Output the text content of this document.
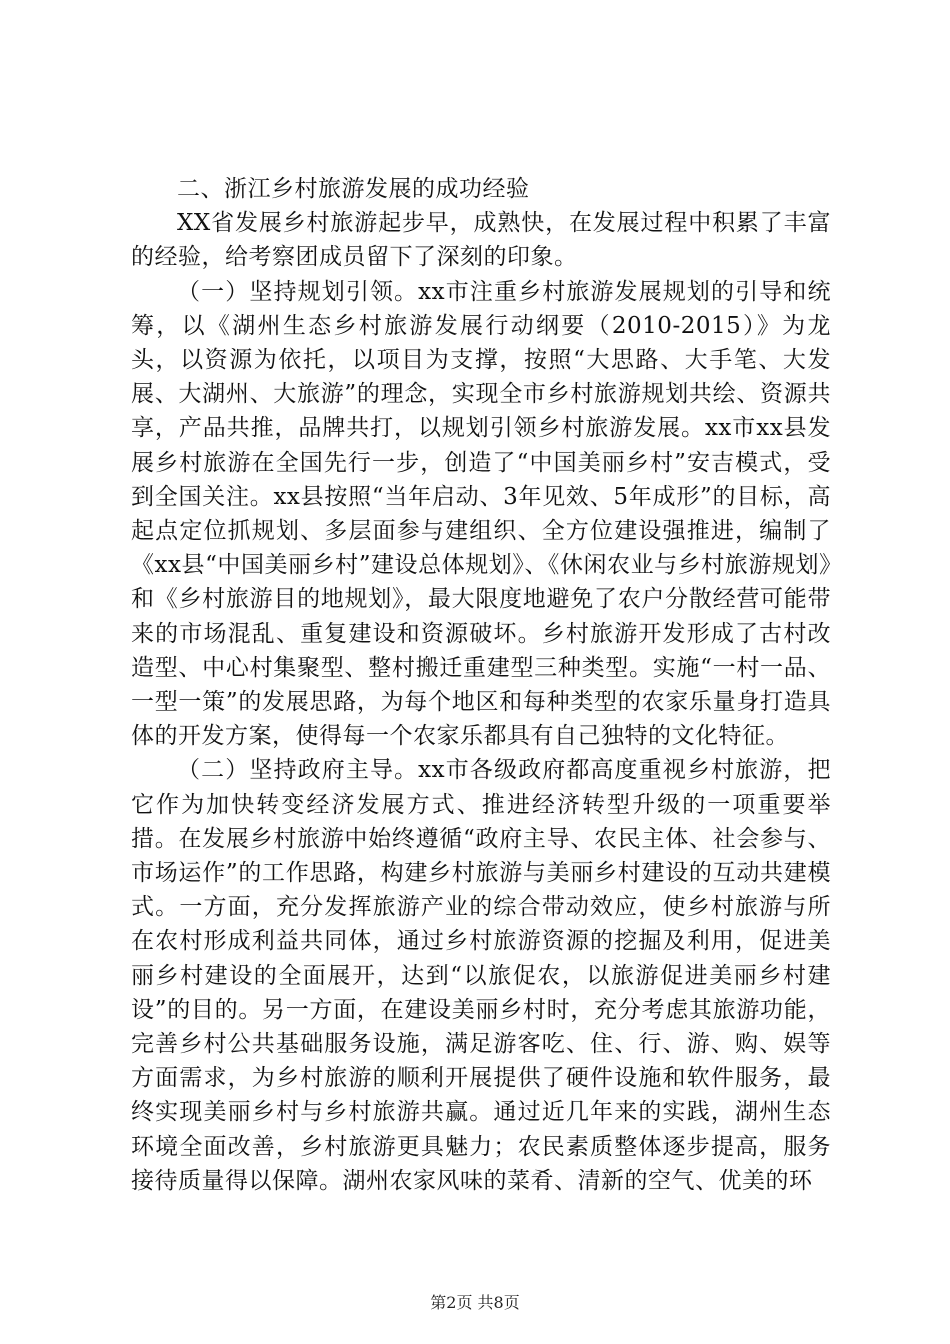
二、浙江乡村旅游发展的成功经验

XX省发展乡村旅游起步早，成熟快，在发展过程中积累了丰富的经验，给考察团成员留下了深刻的印象。

（一）坚持规划引领。xx市注重乡村旅游发展规划的引导和统筹，以《湖州生态乡村旅游发展行动纲要（2010-2015）》为龙头，以资源为依托，以项目为支撑，按照“大思路、大手笔、大发展、大湖州、大旅游”的理念，实现全市乡村旅游规划共绘、资源共享，产品共推，品牌共打，以规划引领乡村旅游发展。xx市xx县发展乡村旅游在全国先行一步，创造了“中国美丽乡村”安吉模式，受到全国关注。xx县按照“当年启动、3年见效、5年成形”的目标，高起点定位抓规划、多层面参与建组织、全方位建设强推进，编制了《xx县“中国美丽乡村”建设总体规划》、《休闲农业与乡村旅游规划》和《乡村旅游目的地规划》，最大限度地避免了农户分散经营可能带来的市场混乱、重复建设和资源破坏。乡村旅游开发形成了古村改造型、中心村集聚型、整村搬迁重建型三种类型。实施“一村一品、一型一策”的发展思路，为每个地区和每种类型的农家乐量身打造具体的开发方案，使得每一个农家乐都具有自己独特的文化特征。

（二）坚持政府主导。xx市各级政府都高度重视乡村旅游，把它作为加快转变经济发展方式、推进经济转型升级的一项重要举措。在发展乡村旅游中始终遵循“政府主导、农民主体、社会参与、市场运作”的工作思路，构建乡村旅游与美丽乡村建设的互动共建模式。一方面，充分发挥旅游产业的综合带动效应，使乡村旅游与所在农村形成利益共同体，通过乡村旅游资源的挖掘及利用，促进美丽乡村建设的全面展开，达到“以旅促农，以旅游促进美丽乡村建设”的目的。另一方面，在建设美丽乡村时，充分考虑其旅游功能，完善乡村公共基础服务设施，满足游客吃、住、行、游、购、娱等方面需求，为乡村旅游的顺利开展提供了硬件设施和软件服务，最终实现美丽乡村与乡村旅游共赢。通过近几年来的实践，湖州生态环境全面改善，乡村旅游更具魅力；农民素质整体逐步提高，服务接待质量得以保障。湖州农家风味的菜肴、清新的空气、优美的环

第2页 共8页
